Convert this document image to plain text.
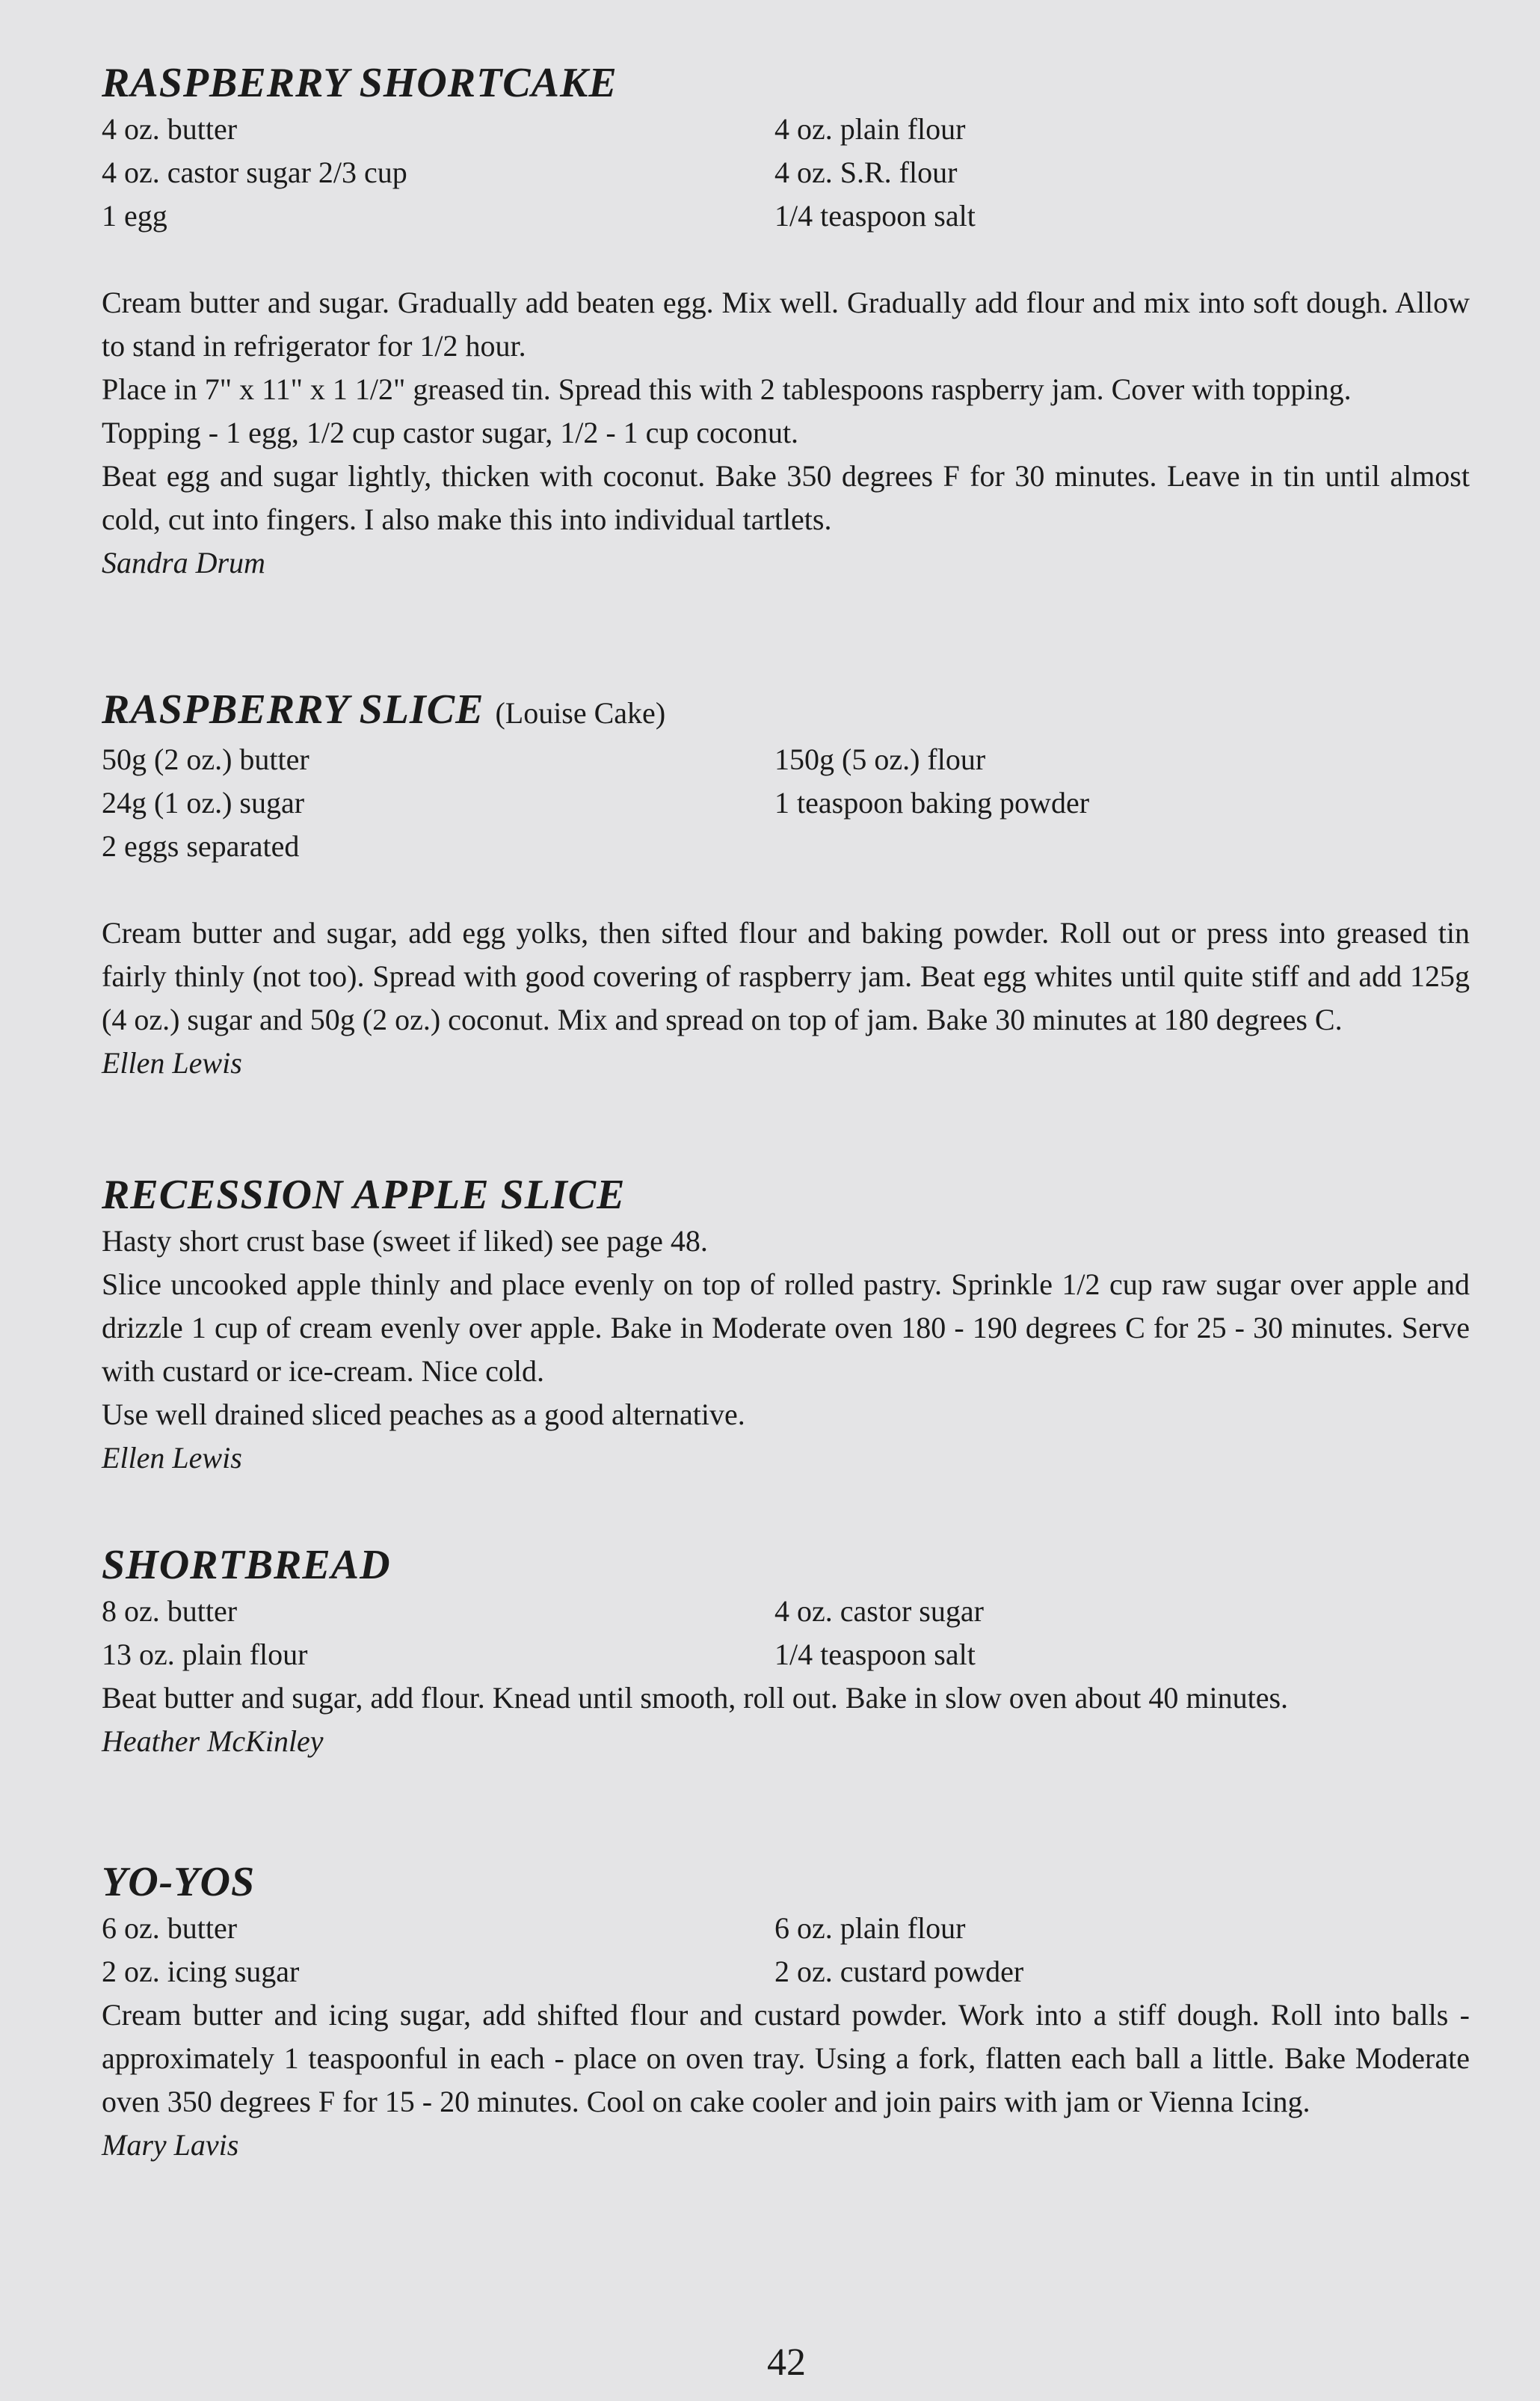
RASPBERRY SHORTCAKE
4 oz. butter
4 oz. castor sugar 2/3 cup
1 egg
4 oz. plain flour
4 oz. S.R. flour
1/4 teaspoon salt

Cream butter and sugar. Gradually add beaten egg. Mix well. Gradually add flour and mix into soft dough. Allow to stand in refrigerator for 1/2 hour.

Place in 7" x 11" x 1 1/2" greased tin. Spread this with 2 tablespoons raspberry jam. Cover with topping.

Topping - 1 egg, 1/2 cup castor sugar, 1/2 - 1 cup coconut.

Beat egg and sugar lightly, thicken with coconut. Bake 350 degrees F for 30 minutes. Leave in tin until almost cold, cut into fingers. I also make this into individual tartlets.

Sandra Drum
RASPBERRY SLICE (Louise Cake)
50g (2 oz.) butter
24g (1 oz.) sugar
2 eggs separated
150g (5 oz.) flour
1 teaspoon baking powder

Cream butter and sugar, add egg yolks, then sifted flour and baking powder. Roll out or press into greased tin fairly thinly (not too). Spread with good covering of raspberry jam. Beat egg whites until quite stiff and add 125g (4 oz.) sugar and 50g (2 oz.) coconut. Mix and spread on top of jam. Bake 30 minutes at 180 degrees C.

Ellen Lewis
RECESSION APPLE SLICE

Hasty short crust base (sweet if liked) see page 48.

Slice uncooked apple thinly and place evenly on top of rolled pastry. Sprinkle 1/2 cup raw sugar over apple and drizzle 1 cup of cream evenly over apple. Bake in Moderate oven 180 - 190 degrees C for 25 - 30 minutes. Serve with custard or ice-cream. Nice cold.

Use well drained sliced peaches as a good alternative.

Ellen Lewis
SHORTBREAD
8 oz. butter
13 oz. plain flour
4 oz. castor sugar
1/4 teaspoon salt

Beat butter and sugar, add flour. Knead until smooth, roll out. Bake in slow oven about 40 minutes.

Heather McKinley
YO-YOS
6 oz. butter
2 oz. icing sugar
6 oz. plain flour
2 oz. custard powder

Cream butter and icing sugar, add shifted flour and custard powder. Work into a stiff dough. Roll into balls - approximately 1 teaspoonful in each - place on oven tray. Using a fork, flatten each ball a little. Bake Moderate oven 350 degrees F for 15 - 20 minutes. Cool on cake cooler and join pairs with jam or Vienna Icing.

Mary Lavis
42
